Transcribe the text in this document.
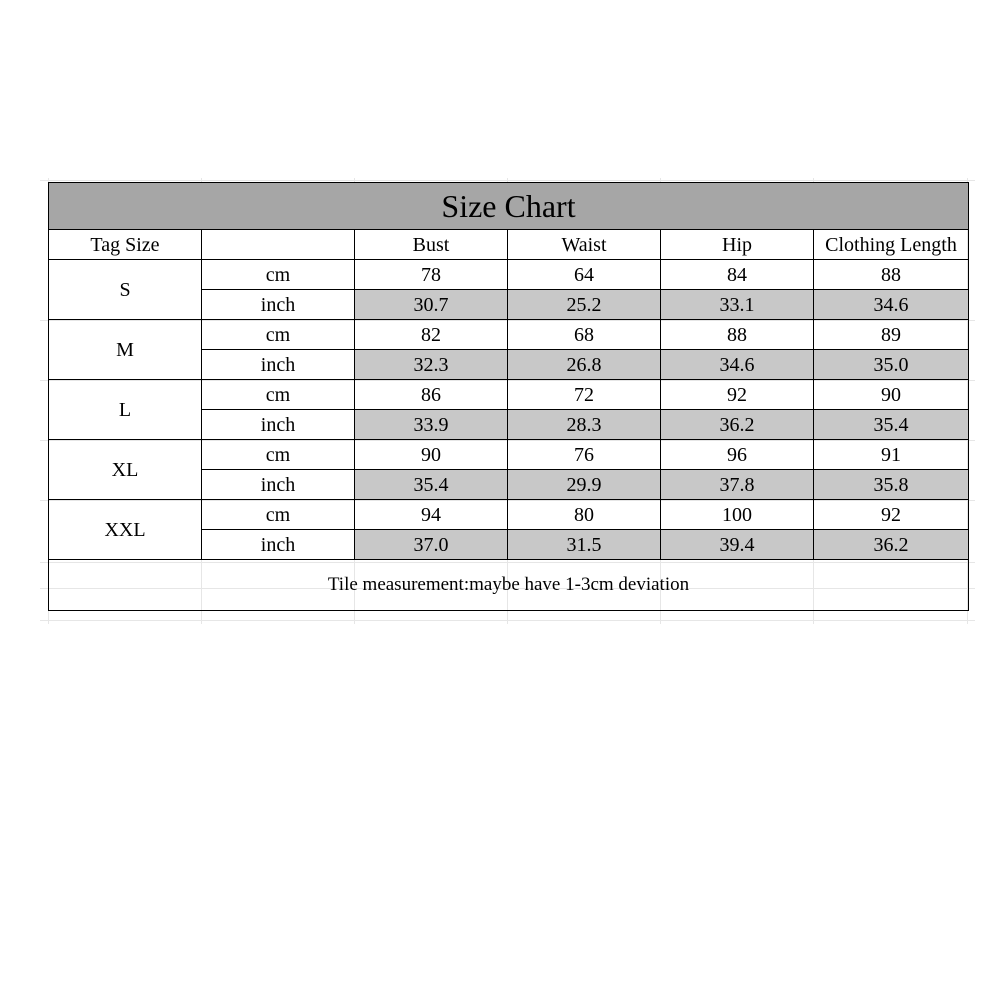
Size Chart					
Tag Size		Bust	Waist	Hip	Clothing Length
S	cm	78	64	84	88
	inch	30.7	25.2	33.1	34.6
M	cm	82	68	88	89
	inch	32.3	26.8	34.6	35.0
L	cm	86	72	92	90
	inch	33.9	28.3	36.2	35.4
XL	cm	90	76	96	91
	inch	35.4	29.9	37.8	35.8
XXL	cm	94	80	100	92
	inch	37.0	31.5	39.4	36.2
Tile measurement:maybe have 1-3cm deviation					
